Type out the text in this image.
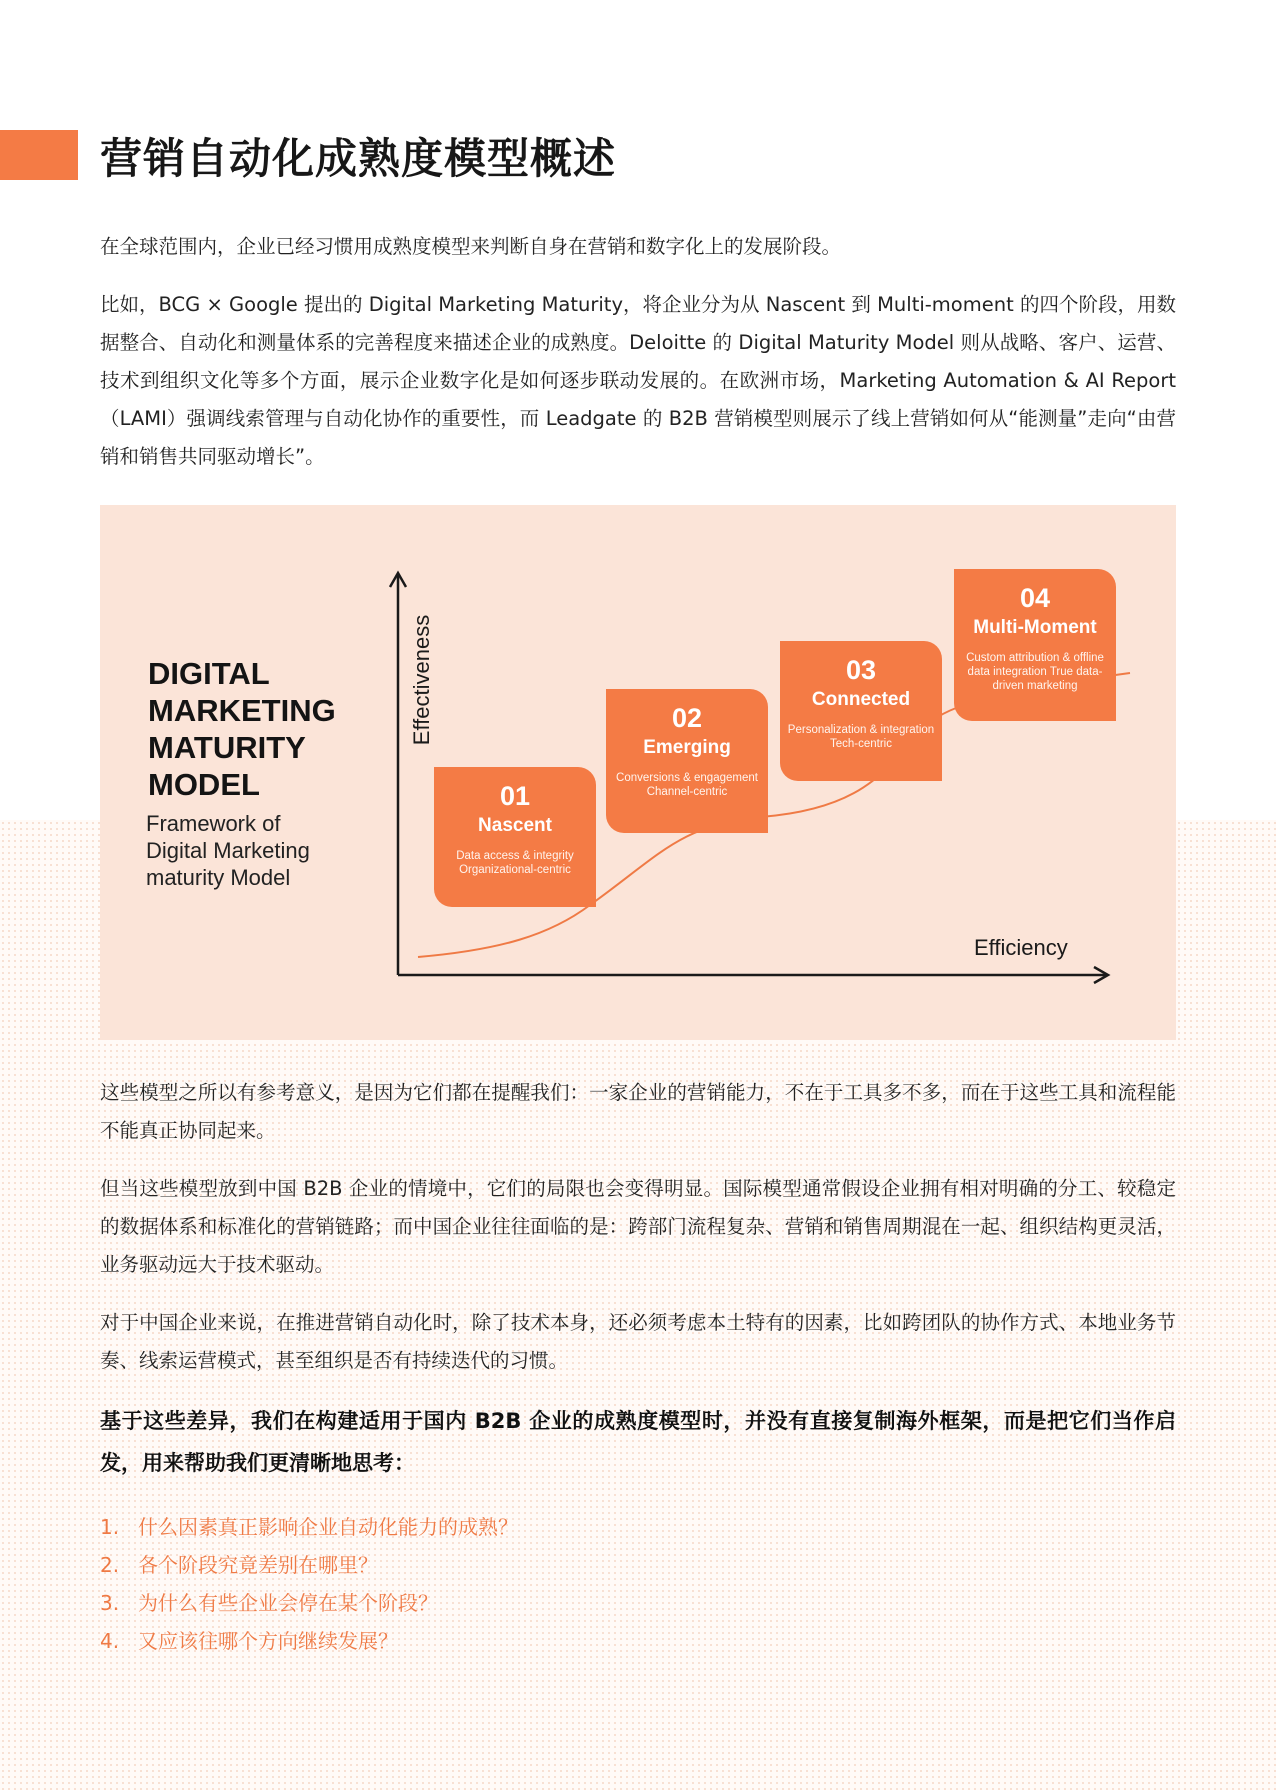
营销自动化成熟度模型概述

在全球范围内，企业已经习惯用成熟度模型来判断自身在营销和数字化上的发展阶段。

比如，BCG × Google 提出的 Digital Marketing Maturity，将企业分为从 Nascent 到 Multi-moment 的四个阶段，用数据整合、自动化和测量体系的完善程度来描述企业的成熟度。Deloitte 的 Digital Maturity Model 则从战略、客户、运营、技术到组织文化等多个方面，展示企业数字化是如何逐步联动发展的。在欧洲市场，Marketing Automation & AI Report（LAMI）强调线索管理与自动化协作的重要性，而 Leadgate 的 B2B 营销模型则展示了线上营销如何从“能测量”走向“由营销和销售共同驱动增长”。

DIGITAL
MARKETING
MATURITY
MODEL

Framework of
Digital Marketing
maturity Model

Effectiveness
Efficiency
01
Nascent
Data access & integrity Organizational-centric
02
Emerging
Conversions & engagement Channel-centric
03
Connected
Personalization & integration Tech-centric
04
Multi-Moment
Custom attribution & offline data integration True data-driven marketing

这些模型之所以有参考意义，是因为它们都在提醒我们：一家企业的营销能力，不在于工具多不多，而在于这些工具和流程能不能真正协同起来。

但当这些模型放到中国 B2B 企业的情境中，它们的局限也会变得明显。国际模型通常假设企业拥有相对明确的分工、较稳定的数据体系和标准化的营销链路；而中国企业往往面临的是：跨部门流程复杂、营销和销售周期混在一起、组织结构更灵活，业务驱动远大于技术驱动。

对于中国企业来说，在推进营销自动化时，除了技术本身，还必须考虑本土特有的因素，比如跨团队的协作方式、本地业务节奏、线索运营模式，甚至组织是否有持续迭代的习惯。

基于这些差异，我们在构建适用于国内 B2B 企业的成熟度模型时，并没有直接复制海外框架，而是把它们当作启发，用来帮助我们更清晰地思考：

1. 什么因素真正影响企业自动化能力的成熟？
2. 各个阶段究竟差别在哪里？
3. 为什么有些企业会停在某个阶段？
4. 又应该往哪个方向继续发展？
